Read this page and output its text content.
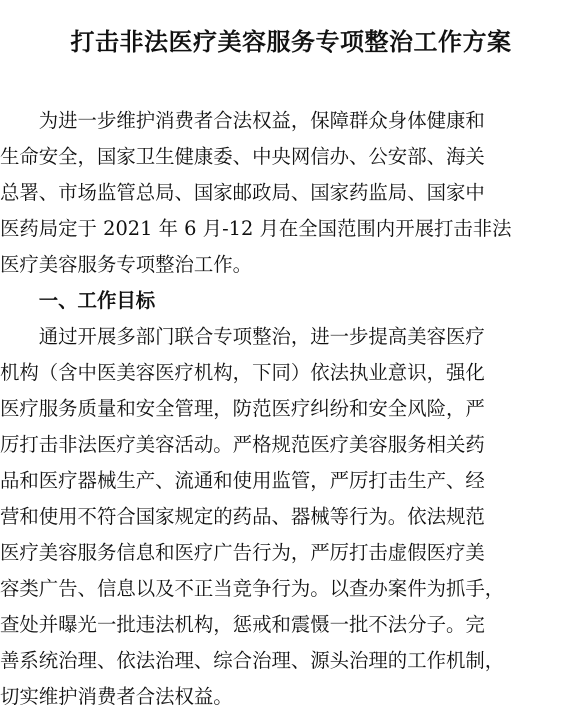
打击非法医疗美容服务专项整治工作方案
　　为进一步维护消费者合法权益，保障群众身体健康和
生命安全，国家卫生健康委、中央网信办、公安部、海关
总署、市场监管总局、国家邮政局、国家药监局、国家中
医药局定于 2021 年 6 月-12 月在全国范围内开展打击非法
医疗美容服务专项整治工作。
　　一、工作目标
　　通过开展多部门联合专项整治，进一步提高美容医疗
机构（含中医美容医疗机构，下同）依法执业意识，强化
医疗服务质量和安全管理，防范医疗纠纷和安全风险，严
厉打击非法医疗美容活动。严格规范医疗美容服务相关药
品和医疗器械生产、流通和使用监管，严厉打击生产、经
营和使用不符合国家规定的药品、器械等行为。依法规范
医疗美容服务信息和医疗广告行为，严厉打击虚假医疗美
容类广告、信息以及不正当竞争行为。以查办案件为抓手，
查处并曝光一批违法机构，惩戒和震慑一批不法分子。完
善系统治理、依法治理、综合治理、源头治理的工作机制，
切实维护消费者合法权益。
